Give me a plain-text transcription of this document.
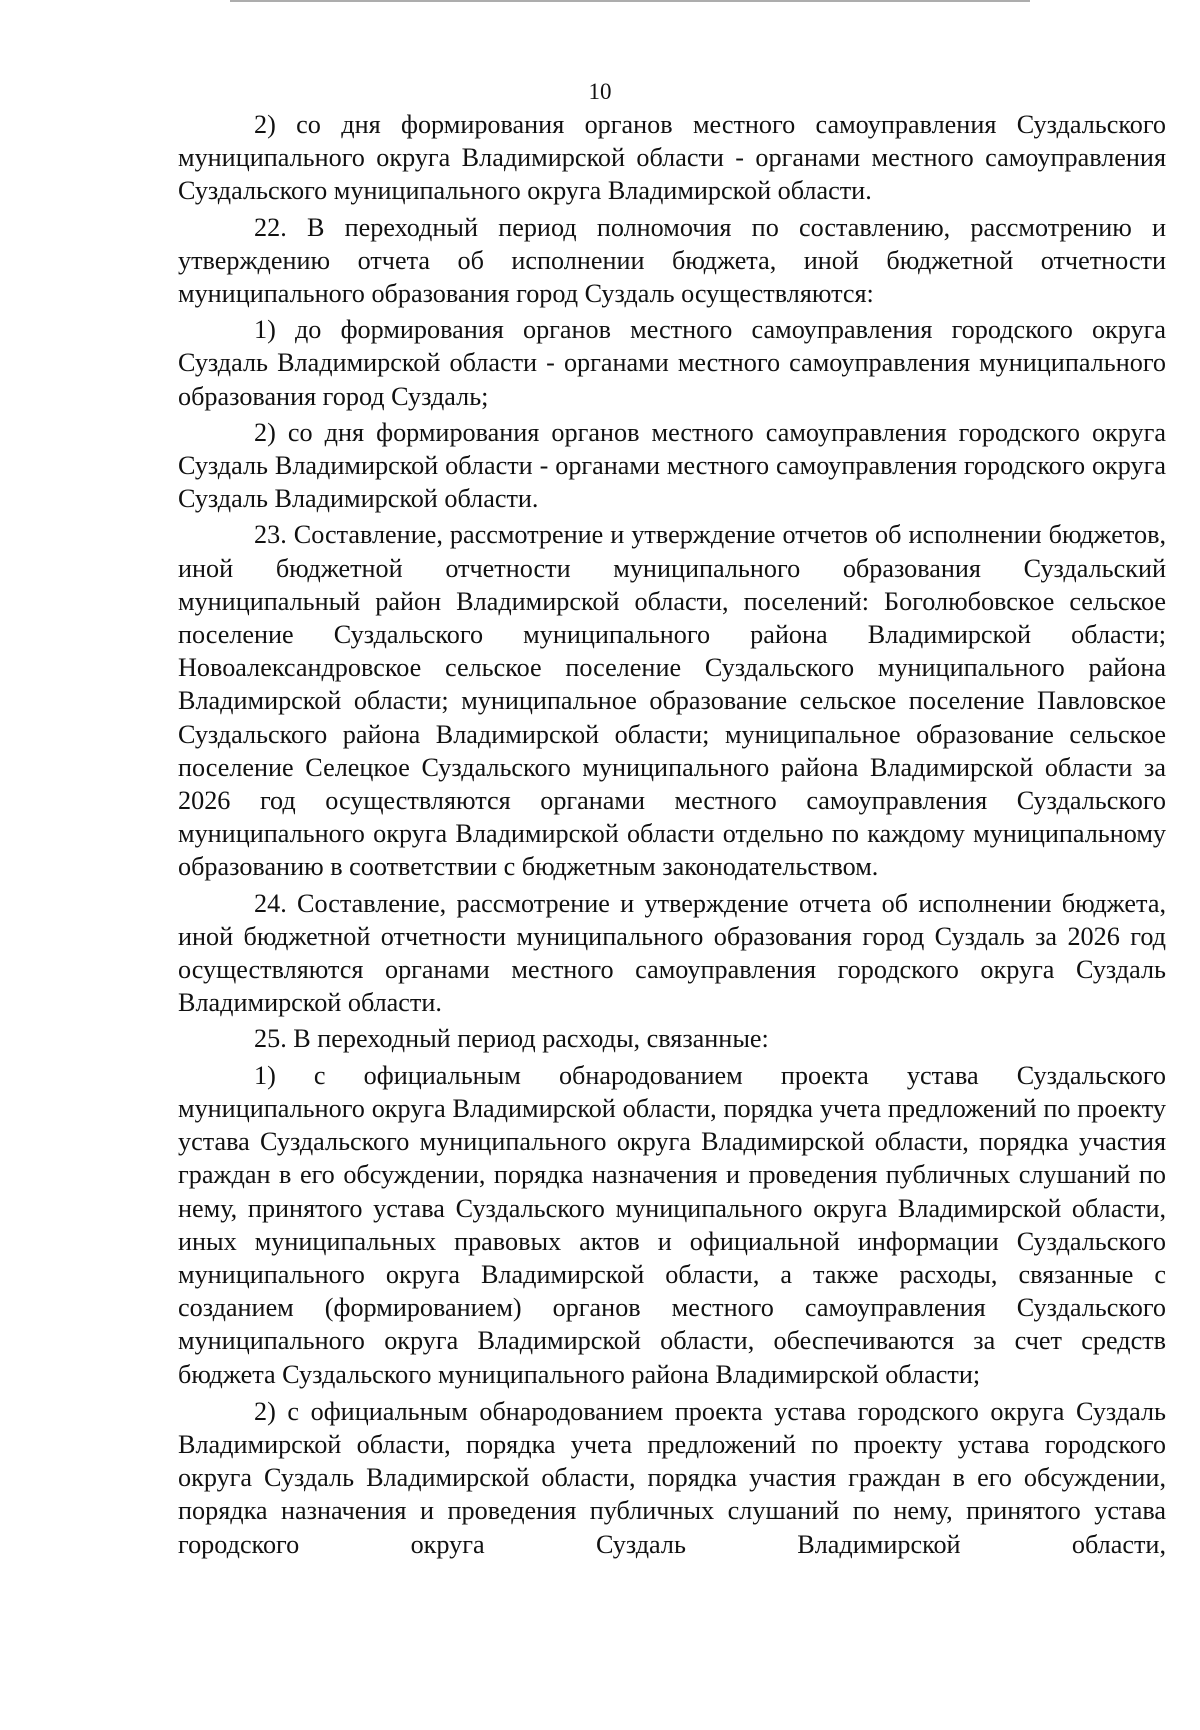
10

2) со дня формирования органов местного самоуправления Суздальского муниципального округа Владимирской области - органами местного самоуправления Суздальского муниципального округа Владимирской области.

22. В переходный период полномочия по составлению, рассмотрению и утверждению отчета об исполнении бюджета, иной бюджетной отчетности муниципального образования город Суздаль осуществляются:

1) до формирования органов местного самоуправления городского округа Суздаль Владимирской области - органами местного самоуправления муниципального образования город Суздаль;

2) со дня формирования органов местного самоуправления городского округа Суздаль Владимирской области - органами местного самоуправления городского округа Суздаль Владимирской области.

23. Составление, рассмотрение и утверждение отчетов об исполнении бюджетов, иной бюджетной отчетности муниципального образования Суздальский муниципальный район Владимирской области, поселений: Боголюбовское сельское поселение Суздальского муниципального района Владимирской области; Новоалександровское сельское поселение Суздальского муниципального района Владимирской области; муниципальное образование сельское поселение Павловское Суздальского района Владимирской области; муниципальное образование сельское поселение Селецкое Суздальского муниципального района Владимирской области за 2026 год осуществляются органами местного самоуправления Суздальского муниципального округа Владимирской области отдельно по каждому муниципальному образованию в соответствии с бюджетным законодательством.

24. Составление, рассмотрение и утверждение отчета об исполнении бюджета, иной бюджетной отчетности муниципального образования город Суздаль за 2026 год осуществляются органами местного самоуправления городского округа Суздаль Владимирской области.

25. В переходный период расходы, связанные:

1) с официальным обнародованием проекта устава Суздальского муниципального округа Владимирской области, порядка учета предложений по проекту устава Суздальского муниципального округа Владимирской области, порядка участия граждан в его обсуждении, порядка назначения и проведения публичных слушаний по нему, принятого устава Суздальского муниципального округа Владимирской области, иных муниципальных правовых актов и официальной информации Суздальского муниципального округа Владимирской области, а также расходы, связанные с созданием (формированием) органов местного самоуправления Суздальского муниципального округа Владимирской области, обеспечиваются за счет средств бюджета Суздальского муниципального района Владимирской области;

2) с официальным обнародованием проекта устава городского округа Суздаль Владимирской области, порядка учета предложений по проекту устава городского округа Суздаль Владимирской области, порядка участия граждан в его обсуждении, порядка назначения и проведения публичных слушаний по нему, принятого устава городского округа Суздаль Владимирской области,
